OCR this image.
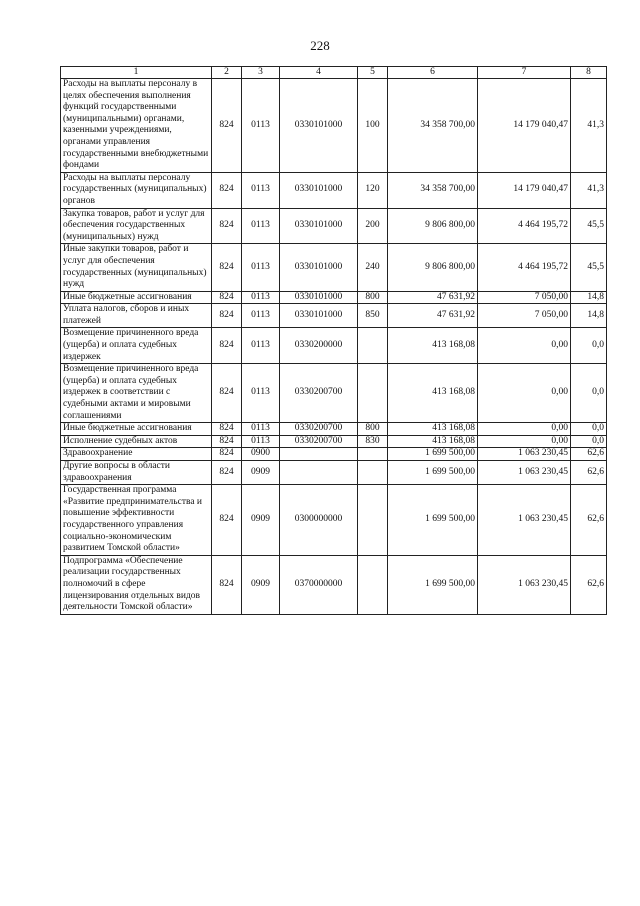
228
1	2	3	4	5	6	7	8
Расходы на выплаты персоналу в целях обеспечения выполнения функций государственными (муниципальными) органами, казенными учреждениями, органами управления государственными внебюджетными фондами	824	0113	0330101000	100	34 358 700,00	14 179 040,47	41,3
Расходы на выплаты персоналу государственных (муниципальных) органов	824	0113	0330101000	120	34 358 700,00	14 179 040,47	41,3
Закупка товаров, работ и услуг для обеспечения государственных (муниципальных) нужд	824	0113	0330101000	200	9 806 800,00	4 464 195,72	45,5
Иные закупки товаров, работ и услуг для обеспечения государственных (муниципальных) нужд	824	0113	0330101000	240	9 806 800,00	4 464 195,72	45,5
Иные бюджетные ассигнования	824	0113	0330101000	800	47 631,92	7 050,00	14,8
Уплата налогов, сборов и иных платежей	824	0113	0330101000	850	47 631,92	7 050,00	14,8
Возмещение причиненного вреда (ущерба) и оплата судебных издержек	824	0113	0330200000		413 168,08	0,00	0,0
Возмещение причиненного вреда (ущерба) и оплата судебных издержек в соответствии с судебными актами и мировыми соглашениями	824	0113	0330200700		413 168,08	0,00	0,0
Иные бюджетные ассигнования	824	0113	0330200700	800	413 168,08	0,00	0,0
Исполнение судебных актов	824	0113	0330200700	830	413 168,08	0,00	0,0
Здравоохранение	824	0900			1 699 500,00	1 063 230,45	62,6
Другие вопросы в области здравоохранения	824	0909			1 699 500,00	1 063 230,45	62,6
Государственная программа «Развитие предпринимательства и повышение эффективности государственного управления социально-экономическим развитием Томской области»	824	0909	0300000000		1 699 500,00	1 063 230,45	62,6
Подпрограмма «Обеспечение реализации государственных полномочий в сфере лицензирования отдельных видов деятельности Томской области»	824	0909	0370000000		1 699 500,00	1 063 230,45	62,6
